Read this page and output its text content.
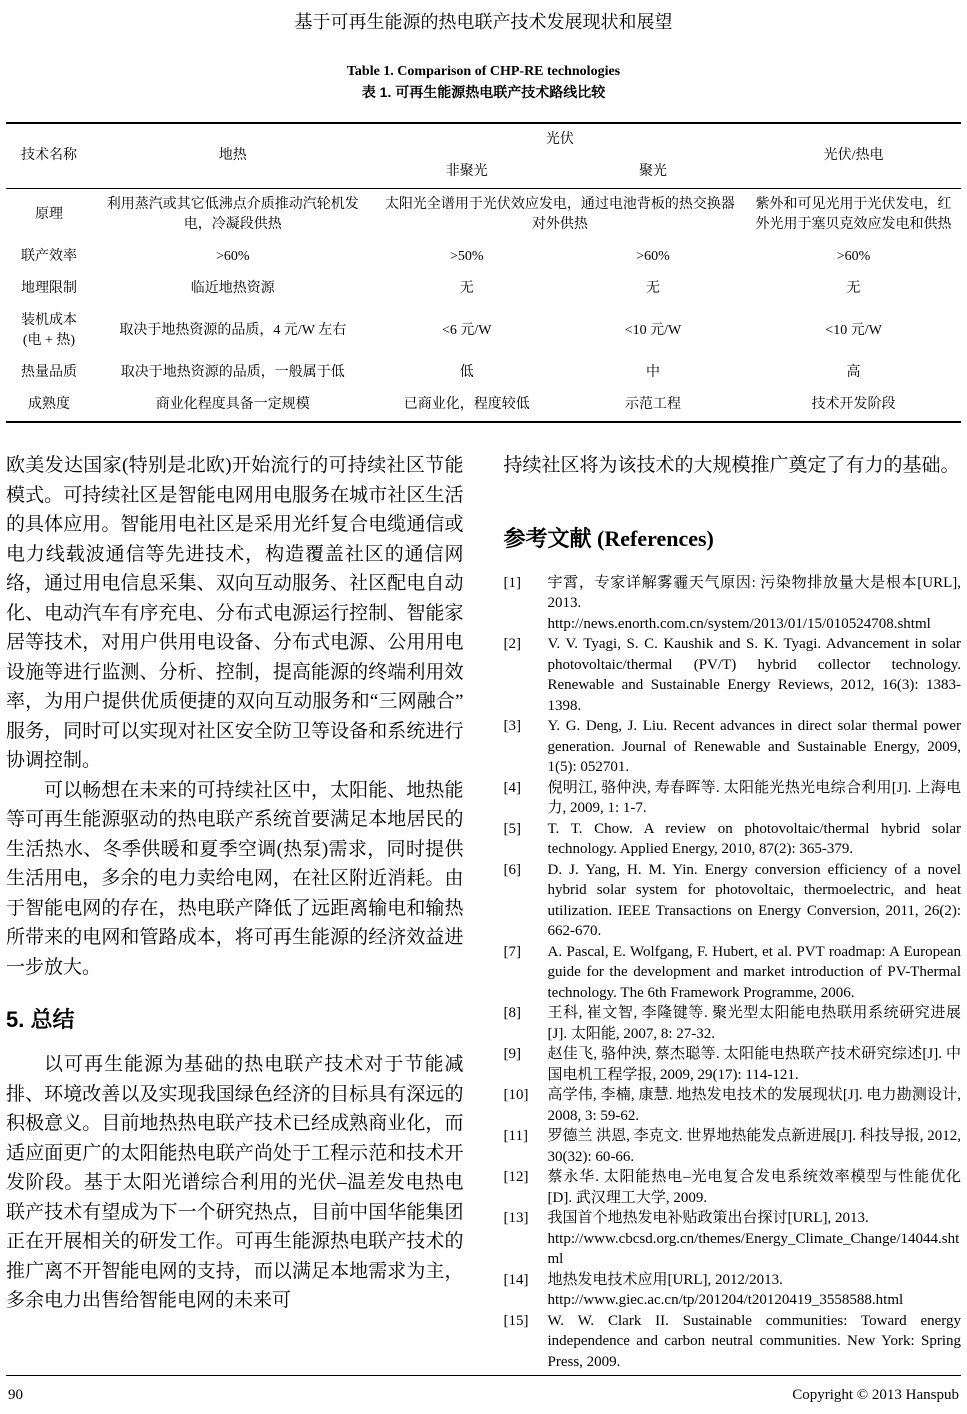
基于可再生能源的热电联产技术发展现状和展望
Table 1. Comparison of CHP-RE technologies
表 1. 可再生能源热电联产技术路线比较
技术名称	地热	光伏		光伏/热电
		非聚光	聚光	
原理	利用蒸汽或其它低沸点介质推动汽轮机发电，冷凝段供热	太阳光全谱用于光伏效应发电，通过电池背板的热交换器对外供热		紫外和可见光用于光伏发电，红外光用于塞贝克效应发电和供热
联产效率	>60%	>50%	>60%	>60%
地理限制	临近地热资源	无	无	无
装机成本 (电 + 热)	取决于地热资源的品质，4 元/W 左右	<6 元/W	<10 元/W	<10 元/W
热量品质	取决于地热资源的品质，一般属于低	低	中	高
成熟度	商业化程度具备一定规模	已商业化，程度较低	示范工程	技术开发阶段

欧美发达国家(特别是北欧)开始流行的可持续社区节能模式。可持续社区是智能电网用电服务在城市社区生活的具体应用。智能用电社区是采用光纤复合电缆通信或电力线载波通信等先进技术，构造覆盖社区的通信网络，通过用电信息采集、双向互动服务、社区配电自动化、电动汽车有序充电、分布式电源运行控制、智能家居等技术，对用户供用电设备、分布式电源、公用用电设施等进行监测、分析、控制，提高能源的终端利用效率，为用户提供优质便捷的双向互动服务和“三网融合”服务，同时可以实现对社区安全防卫等设备和系统进行协调控制。

可以畅想在未来的可持续社区中，太阳能、地热能等可再生能源驱动的热电联产系统首要满足本地居民的生活热水、冬季供暖和夏季空调(热泵)需求，同时提供生活用电，多余的电力卖给电网，在社区附近消耗。由于智能电网的存在，热电联产降低了远距离输电和输热所带来的电网和管路成本，将可再生能源的经济效益进一步放大。

5. 总结

以可再生能源为基础的热电联产技术对于节能减排、环境改善以及实现我国绿色经济的目标具有深远的积极意义。目前地热热电联产技术已经成熟商业化，而适应面更广的太阳能热电联产尚处于工程示范和技术开发阶段。基于太阳光谱综合利用的光伏–温差发电热电联产技术有望成为下一个研究热点，目前中国华能集团正在开展相关的研发工作。可再生能源热电联产技术的推广离不开智能电网的支持，而以满足本地需求为主，多余电力出售给智能电网的未来可

持续社区将为该技术的大规模推广奠定了有力的基础。

参考文献 (References)
[1]	宇霄，专家详解雾霾天气原因: 污染物排放量大是根本[URL], 2013.
http://news.enorth.com.cn/system/2013/01/15/010524708.shtml
[2]	V. V. Tyagi, S. C. Kaushik and S. K. Tyagi. Advancement in solar photovoltaic/thermal (PV/T) hybrid collector technology. Renewable and Sustainable Energy Reviews, 2012, 16(3): 1383-1398.
[3]	Y. G. Deng, J. Liu. Recent advances in direct solar thermal power generation. Journal of Renewable and Sustainable Energy, 2009, 1(5): 052701.
[4]	倪明江, 骆仲泱, 寿春晖等. 太阳能光热光电综合利用[J]. 上海电力, 2009, 1: 1-7.
[5]	T. T. Chow. A review on photovoltaic/thermal hybrid solar technology. Applied Energy, 2010, 87(2): 365-379.
[6]	D. J. Yang, H. M. Yin. Energy conversion efficiency of a novel hybrid solar system for photovoltaic, thermoelectric, and heat utilization. IEEE Transactions on Energy Conversion, 2011, 26(2): 662-670.
[7]	A. Pascal, E. Wolfgang, F. Hubert, et al. PVT roadmap: A European guide for the development and market introduction of PV-Thermal technology. The 6th Framework Programme, 2006.
[8]	王科, 崔文智, 李隆键等. 聚光型太阳能电热联用系统研究进展[J]. 太阳能, 2007, 8: 27-32.
[9]	赵佳飞, 骆仲泱, 蔡杰聪等. 太阳能电热联产技术研究综述[J]. 中国电机工程学报, 2009, 29(17): 114-121.
[10]	高学伟, 李楠, 康慧. 地热发电技术的发展现状[J]. 电力勘测设计, 2008, 3: 59-62.
[11]	罗德兰 洪恩, 李克文. 世界地热能发点新进展[J]. 科技导报, 2012, 30(32): 60-66.
[12]	蔡永华. 太阳能热电–光电复合发电系统效率模型与性能优化[D]. 武汉理工大学, 2009.
[13]	我国首个地热发电补贴政策出台探讨[URL], 2013.
http://www.cbcsd.org.cn/themes/Energy_Climate_Change/14044.shtml
[14]	地热发电技术应用[URL], 2012/2013.
http://www.giec.ac.cn/tp/201204/t20120419_3558588.html
[15]	W. W. Clark II. Sustainable communities: Toward energy independence and carbon neutral communities. New York: Spring Press, 2009.
90	Copyright © 2013 Hanspub
